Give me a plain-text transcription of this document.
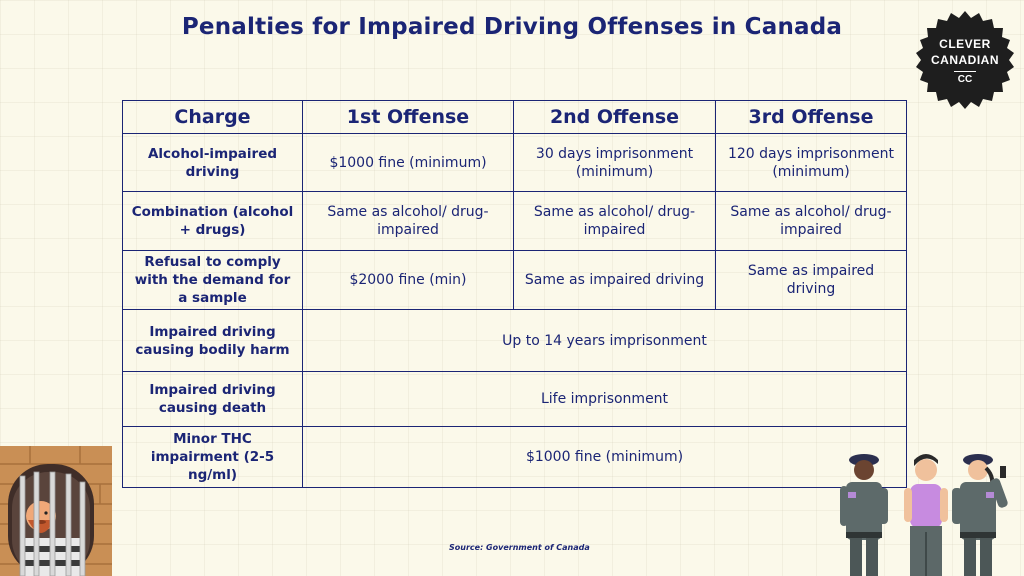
Penalties for Impaired Driving Offenses in Canada
CLEVER
CANADIAN
CC
Charge	1st Offense	2nd Offense	3rd Offense
Alcohol-impaired driving	$1000 fine (minimum)	30 days imprisonment (minimum)	120 days imprisonment (minimum)
Combination (alcohol + drugs)	Same as alcohol/ drug-impaired	Same as alcohol/ drug-impaired	Same as alcohol/ drug-impaired
Refusal to comply with the demand for a sample	$2000 fine (min)	Same as impaired driving	Same as impaired driving
Impaired driving causing bodily harm	Up to 14 years imprisonment		
Impaired driving causing death	Life imprisonment		
Minor THC impairment (2-5 ng/ml)	$1000 fine (minimum)		
Source: Government of Canada
